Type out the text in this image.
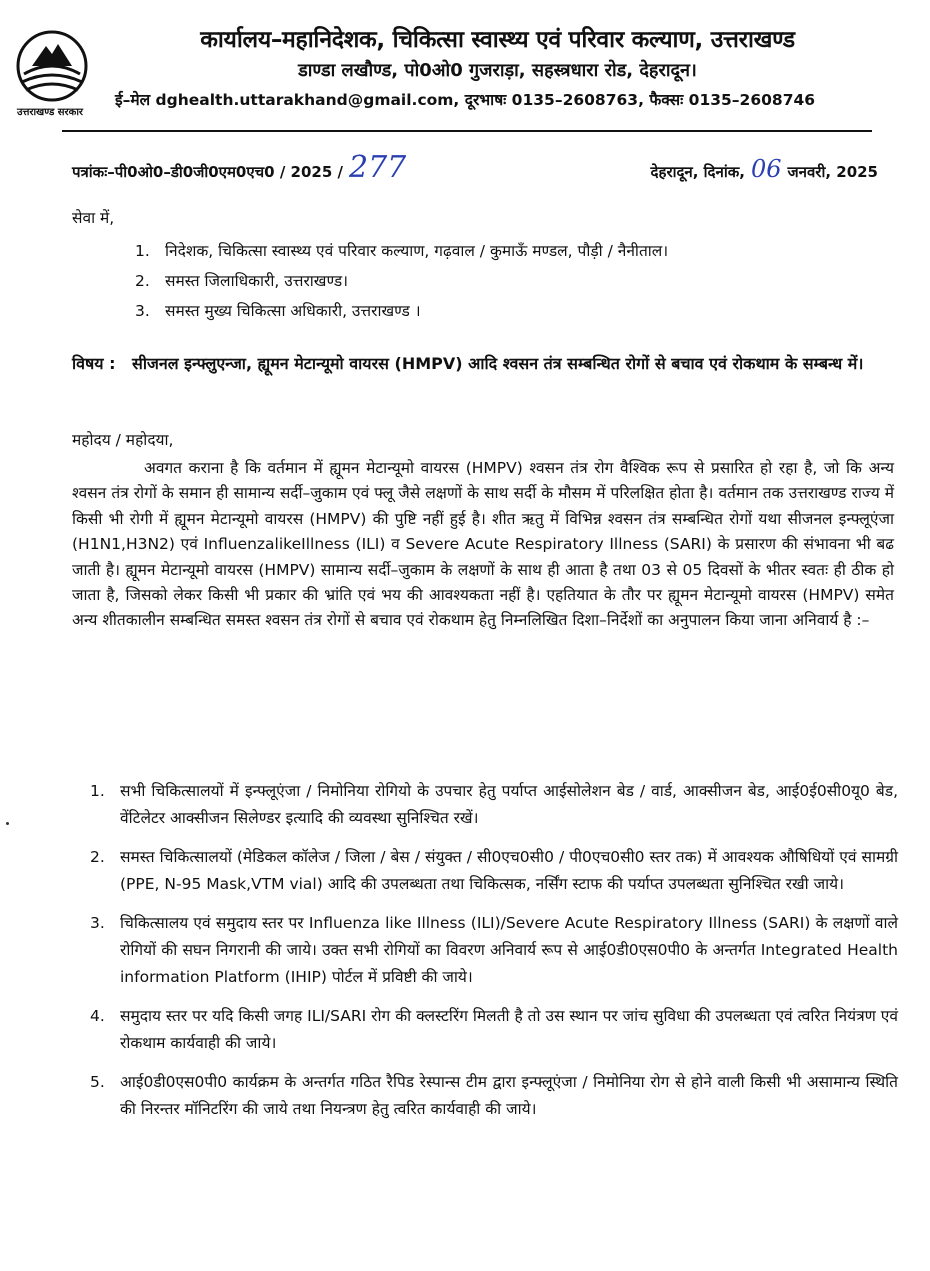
उत्तराखण्ड सरकार
कार्यालय–महानिदेशक, चिकित्सा स्वास्थ्य एवं परिवार कल्याण, उत्तराखण्ड
डाण्डा लखौण्ड, पो0ओ0 गुजराड़ा, सहस्त्रधारा रोड, देहरादून।
ई–मेल dghealth.uttarakhand@gmail.com, दूरभाषः 0135–2608763, फैक्सः 0135–2608746
पत्रांकः–पी0ओ0–डी0जी0एम0एच0 / 2025 / 277	देहरादून, दिनांक, 06 जनवरी, 2025
सेवा में,
1. निदेशक, चिकित्सा स्वास्थ्य एवं परिवार कल्याण, गढ़वाल / कुमाऊँ मण्डल, पौड़ी / नैनीताल।
2. समस्त जिलाधिकारी, उत्तराखण्ड।
3. समस्त मुख्य चिकित्सा अधिकारी, उत्तराखण्ड ।
विषय :	सीजनल इन्फ्लुएन्जा, ह्यूमन मेटान्यूमो वायरस (HMPV) आदि श्वसन तंत्र सम्बन्धित रोगों से बचाव एवं रोकथाम के सम्बन्ध में।
महोदय / महोदया,
अवगत कराना है कि वर्तमान में ह्यूमन मेटान्यूमो वायरस (HMPV) श्वसन तंत्र रोग वैश्विक रूप से प्रसारित हो रहा है, जो कि अन्य श्वसन तंत्र रोगों के समान ही सामान्य सर्दी–जुकाम एवं फ्लू जैसे लक्षणों के साथ सर्दी के मौसम में परिलक्षित होता है। वर्तमान तक उत्तराखण्ड राज्य में किसी भी रोगी में ह्यूमन मेटान्यूमो वायरस (HMPV) की पुष्टि नहीं हुई है। शीत ऋतु में विभिन्न श्वसन तंत्र सम्बन्धित रोगों यथा सीजनल इन्फ्लूएंजा (H1N1,H3N2) एवं InfluenzalikeIllness (ILI) व Severe Acute Respiratory Illness (SARI) के प्रसारण की संभावना भी बढ जाती है। ह्यूमन मेटान्यूमो वायरस (HMPV) सामान्य सर्दी–जुकाम के लक्षणों के साथ ही आता है तथा 03 से 05 दिवसों के भीतर स्वतः ही ठीक हो जाता है, जिसको लेकर किसी भी प्रकार की भ्रांति एवं भय की आवश्यकता नहीं है। एहतियात के तौर पर ह्यूमन मेटान्यूमो वायरस (HMPV) समेत अन्य शीतकालीन सम्बन्धित समस्त श्वसन तंत्र रोगों से बचाव एवं रोकथाम हेतु निम्नलिखित दिशा–निर्देशों का अनुपालन किया जाना अनिवार्य है :–
1. सभी चिकित्सालयों में इन्फ्लूएंजा / निमोनिया रोगियो के उपचार हेतु पर्याप्त आईसोलेशन बेड / वार्ड, आक्सीजन बेड, आई0ई0सी0यू0 बेड, वेंटिलेटर आक्सीजन सिलेण्डर इत्यादि की व्यवस्था सुनिश्चित रखें।
2. समस्त चिकित्सालयों (मेडिकल कॉलेज / जिला / बेस / संयुक्त / सी0एच0सी0 / पी0एच0सी0 स्तर तक) में आवश्यक औषिधियों एवं सामग्री (PPE, N-95 Mask,VTM vial) आदि की उपलब्धता तथा चिकित्सक, नर्सिंग स्टाफ की पर्याप्त उपलब्धता सुनिश्चित रखी जाये।
3. चिकित्सालय एवं समुदाय स्तर पर Influenza like Illness (ILI)/Severe Acute Respiratory Illness (SARI) के लक्षणों वाले रोगियों की सघन निगरानी की जाये। उक्त सभी रोगियों का विवरण अनिवार्य रूप से आई0डी0एस0पी0 के अन्तर्गत Integrated Health information Platform (IHIP) पोर्टल में प्रविष्टी की जाये।
4. समुदाय स्तर पर यदि किसी जगह ILI/SARI रोग की क्लस्टरिंग मिलती है तो उस स्थान पर जांच सुविधा की उपलब्धता एवं त्वरित नियंत्रण एवं रोकथाम कार्यवाही की जाये।
5. आई0डी0एस0पी0 कार्यक्रम के अन्तर्गत गठित रैपिड रेस्पान्स टीम द्वारा इन्फ्लूएंजा / निमोनिया रोग से होने वाली किसी भी असामान्य स्थिति की निरन्तर मॉनिटरिंग की जाये तथा नियन्त्रण हेतु त्वरित कार्यवाही की जाये।
